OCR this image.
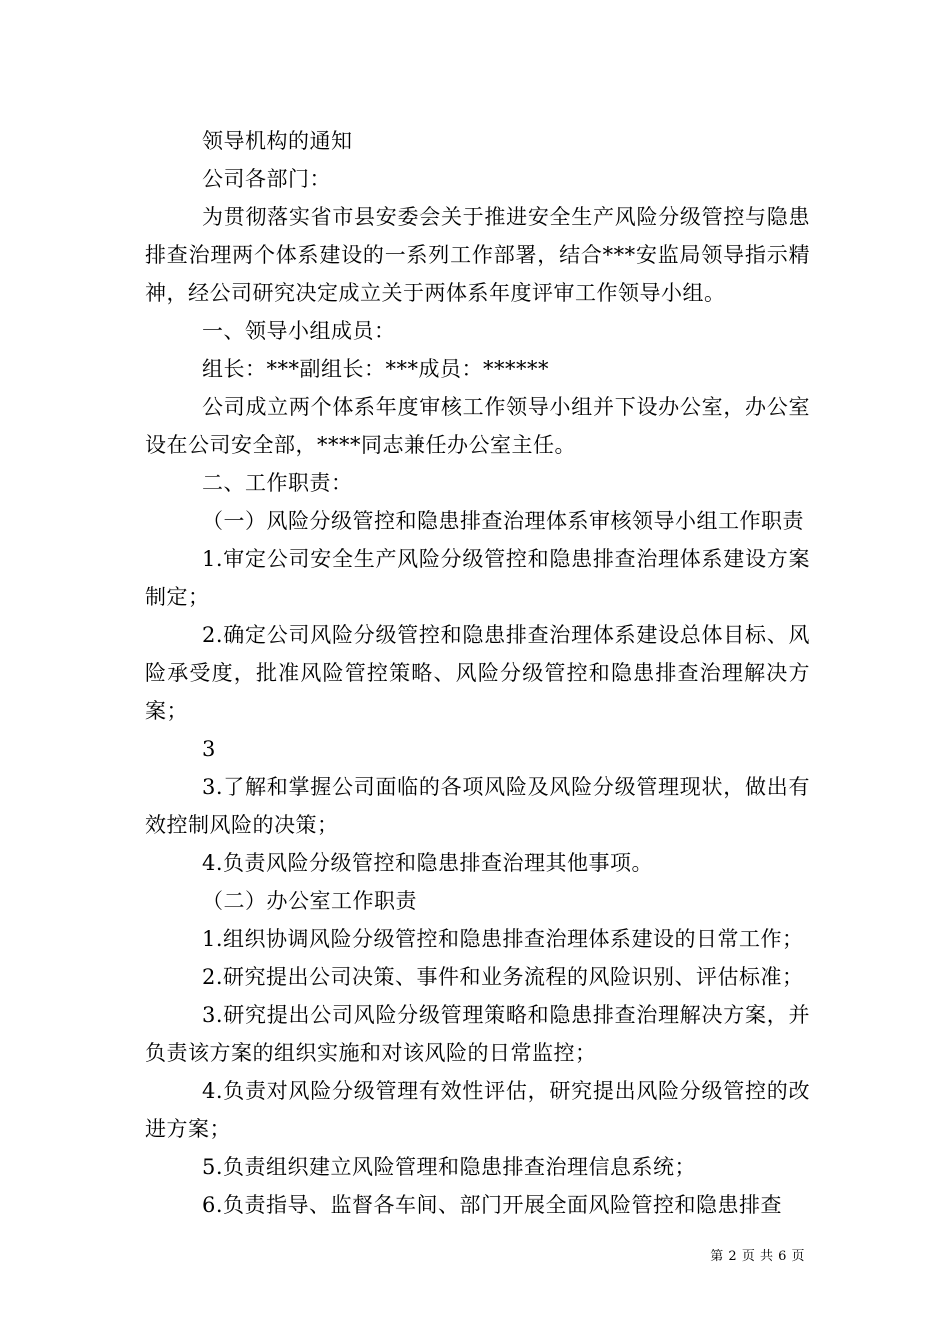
领导机构的通知

公司各部门：

为贯彻落实省市县安委会关于推进安全生产风险分级管控与隐患排查治理两个体系建设的一系列工作部署，结合***安监局领导指示精神，经公司研究决定成立关于两体系年度评审工作领导小组。

一、领导小组成员：

组长：***副组长：***成员：******

公司成立两个体系年度审核工作领导小组并下设办公室，办公室设在公司安全部，****同志兼任办公室主任。

二、工作职责：

（一）风险分级管控和隐患排查治理体系审核领导小组工作职责

1.审定公司安全生产风险分级管控和隐患排查治理体系建设方案制定；

2.确定公司风险分级管控和隐患排查治理体系建设总体目标、风险承受度，批准风险管控策略、风险分级管控和隐患排查治理解决方案；

3

3.了解和掌握公司面临的各项风险及风险分级管理现状，做出有效控制风险的决策；

4.负责风险分级管控和隐患排查治理其他事项。

（二）办公室工作职责

1.组织协调风险分级管控和隐患排查治理体系建设的日常工作；

2.研究提出公司决策、事件和业务流程的风险识别、评估标准；

3.研究提出公司风险分级管理策略和隐患排查治理解决方案，并负责该方案的组织实施和对该风险的日常监控；

4.负责对风险分级管理有效性评估，研究提出风险分级管控的改进方案；

5.负责组织建立风险管理和隐患排查治理信息系统；

6.负责指导、监督各车间、部门开展全面风险管控和隐患排查

第 2 页 共 6 页
